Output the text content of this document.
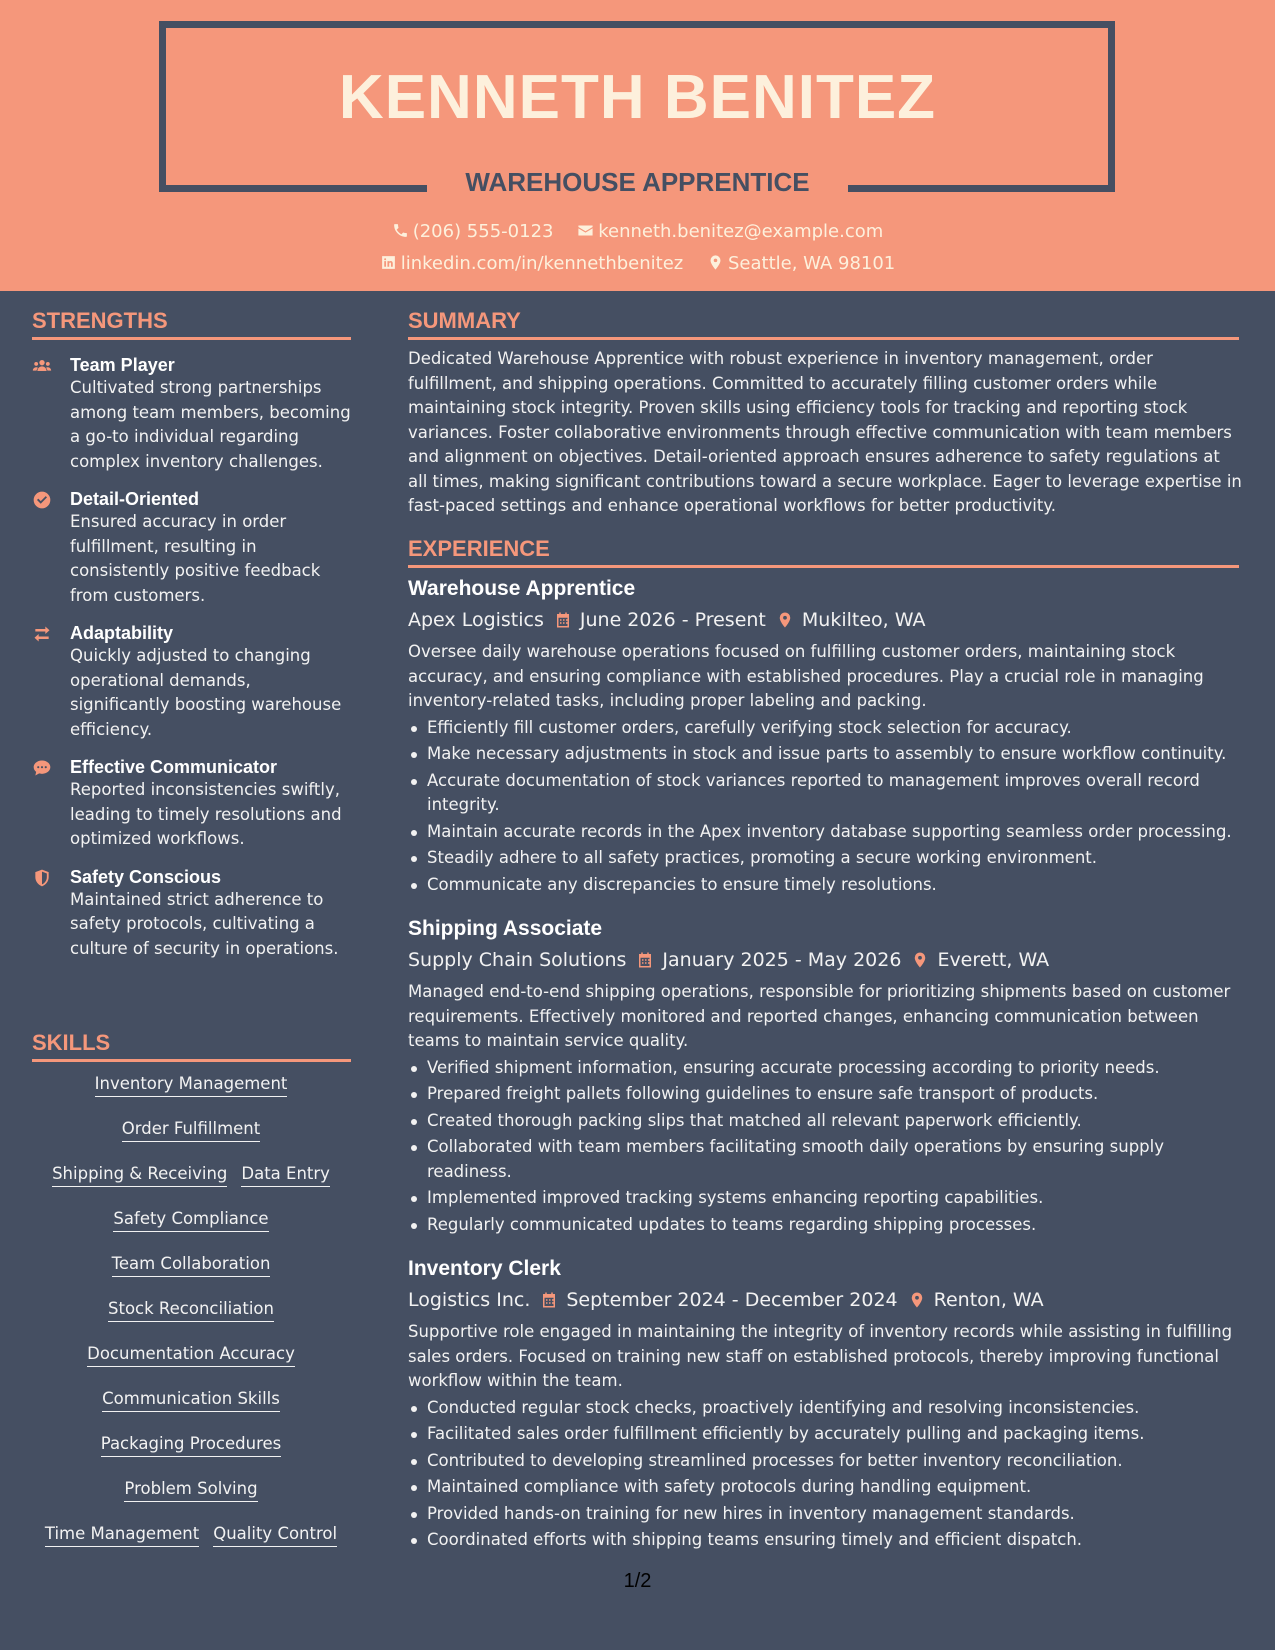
KENNETH BENITEZ
WAREHOUSE APPRENTICE
(206) 555-0123 kenneth.benitez@example.com
linkedin.com/in/kennethbenitez Seattle, WA 98101
STRENGTHS
Team Player
Cultivated strong partnerships among team members, becoming a go-to individual regarding complex inventory challenges.
Detail-Oriented
Ensured accuracy in order fulfillment, resulting in consistently positive feedback from customers.
Adaptability
Quickly adjusted to changing operational demands, significantly boosting warehouse efficiency.
Effective Communicator
Reported inconsistencies swiftly, leading to timely resolutions and optimized workflows.
Safety Conscious
Maintained strict adherence to safety protocols, cultivating a culture of security in operations.
SKILLS
Inventory Management
Order Fulfillment
Shipping & Receiving Data Entry
Safety Compliance
Team Collaboration
Stock Reconciliation
Documentation Accuracy
Communication Skills
Packaging Procedures
Problem Solving
Time Management Quality Control
SUMMARY
Dedicated Warehouse Apprentice with robust experience in inventory management, order fulfillment, and shipping operations. Committed to accurately filling customer orders while maintaining stock integrity. Proven skills using efficiency tools for tracking and reporting stock variances. Foster collaborative environments through effective communication with team members and alignment on objectives. Detail-oriented approach ensures adherence to safety regulations at all times, making significant contributions toward a secure workplace. Eager to leverage expertise in fast-paced settings and enhance operational workflows for better productivity.
EXPERIENCE
Warehouse Apprentice
Apex Logistics June 2026 - Present Mukilteo, WA
Oversee daily warehouse operations focused on fulfilling customer orders, maintaining stock accuracy, and ensuring compliance with established procedures. Play a crucial role in managing inventory-related tasks, including proper labeling and packing.
Efficiently fill customer orders, carefully verifying stock selection for accuracy.
Make necessary adjustments in stock and issue parts to assembly to ensure workflow continuity.
Accurate documentation of stock variances reported to management improves overall record integrity.
Maintain accurate records in the Apex inventory database supporting seamless order processing.
Steadily adhere to all safety practices, promoting a secure working environment.
Communicate any discrepancies to ensure timely resolutions.
Shipping Associate
Supply Chain Solutions January 2025 - May 2026 Everett, WA
Managed end-to-end shipping operations, responsible for prioritizing shipments based on customer requirements. Effectively monitored and reported changes, enhancing communication between teams to maintain service quality.
Verified shipment information, ensuring accurate processing according to priority needs.
Prepared freight pallets following guidelines to ensure safe transport of products.
Created thorough packing slips that matched all relevant paperwork efficiently.
Collaborated with team members facilitating smooth daily operations by ensuring supply readiness.
Implemented improved tracking systems enhancing reporting capabilities.
Regularly communicated updates to teams regarding shipping processes.
Inventory Clerk
Logistics Inc. September 2024 - December 2024 Renton, WA
Supportive role engaged in maintaining the integrity of inventory records while assisting in fulfilling sales orders. Focused on training new staff on established protocols, thereby improving functional workflow within the team.
Conducted regular stock checks, proactively identifying and resolving inconsistencies.
Facilitated sales order fulfillment efficiently by accurately pulling and packaging items.
Contributed to developing streamlined processes for better inventory reconciliation.
Maintained compliance with safety protocols during handling equipment.
Provided hands-on training for new hires in inventory management standards.
Coordinated efforts with shipping teams ensuring timely and efficient dispatch.
1/2
